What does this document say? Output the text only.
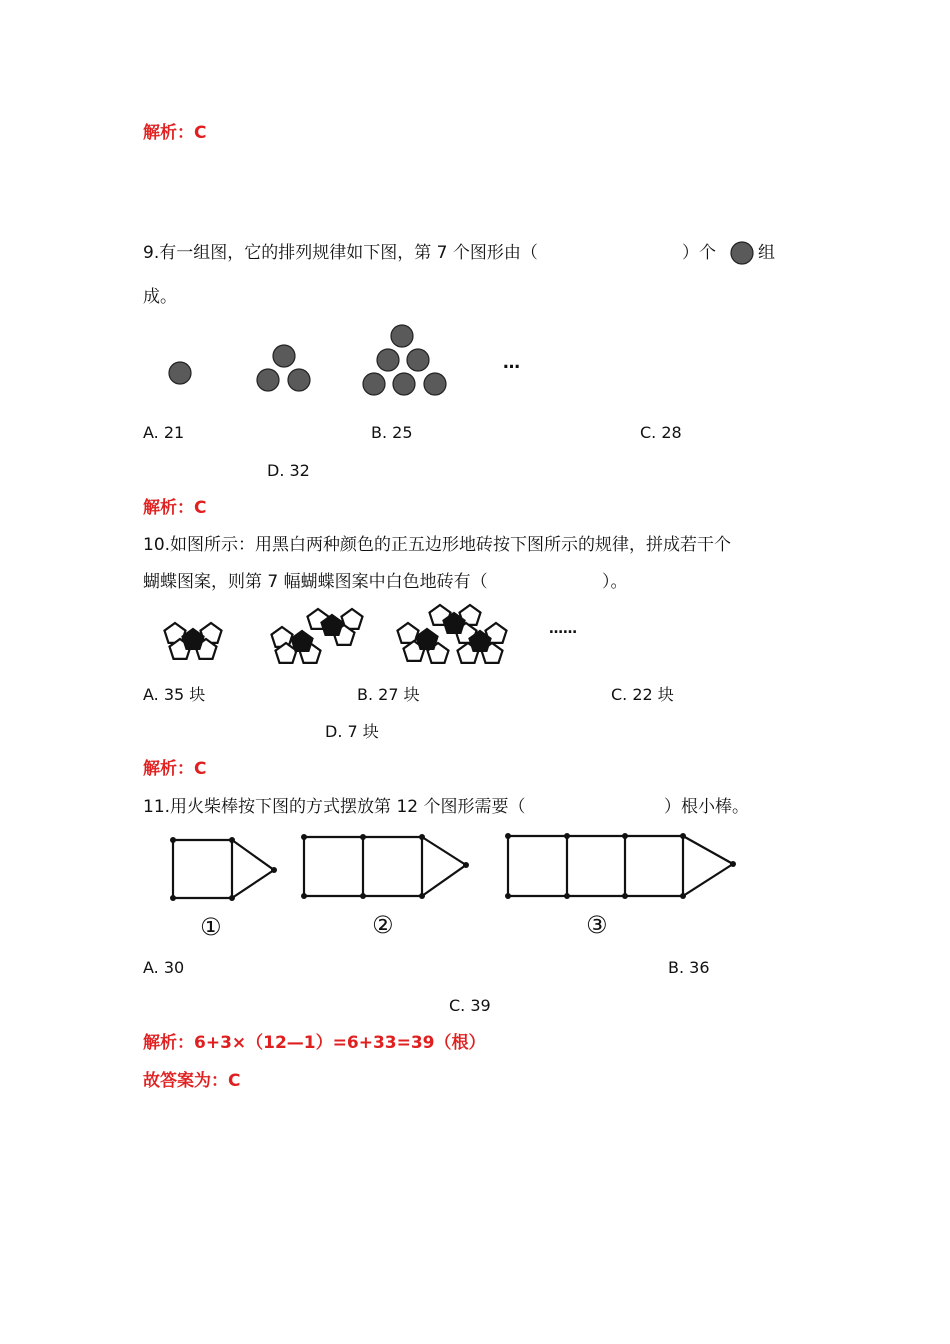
解析：C
9.有一组图，它的排列规律如下图，第 7 个图形由（	）个 组
成。
…
A. 21	B. 25	C. 28
D. 32
解析：C
10.如图所示：用黑白两种颜色的正五边形地砖按下图所示的规律，拼成若干个
蝴蝶图案，则第 7 幅蝴蝶图案中白色地砖有（	）。
……
A. 35 块	B. 27 块	C. 22 块
D. 7 块
解析：C
11.用火柴棒按下图的方式摆放第 12 个图形需要（	）根小棒。
①	②	③
A. 30	B. 36
C. 39
解析：6+3×（12—1）=6+33=39（根）
故答案为：C
